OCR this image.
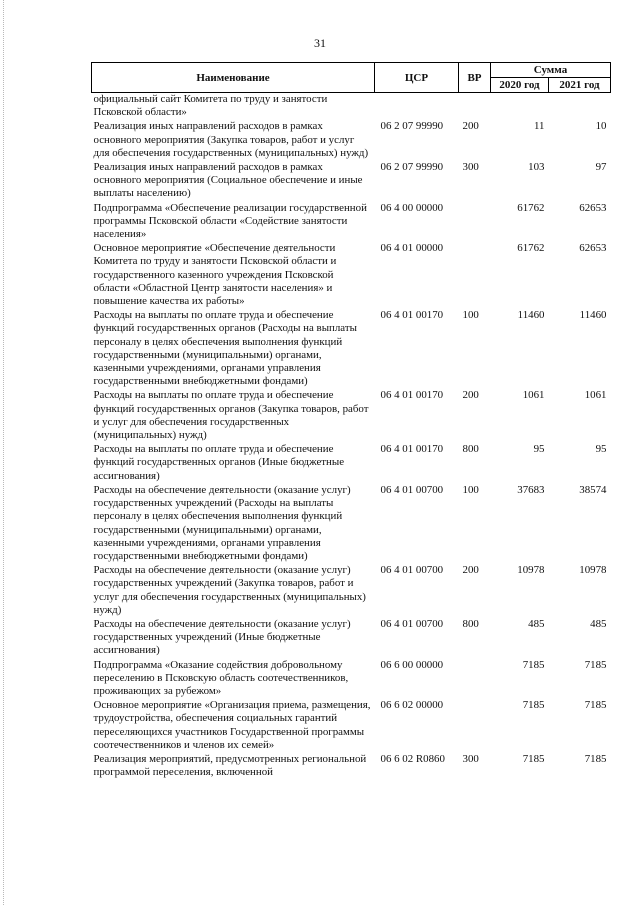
31
Наименование	ЦСР	ВР	Сумма	
			2020 год	2021 год
официальный сайт Комитета по труду и занятости Псковской области»				
Реализация иных направлений расходов в рамках основного мероприятия (Закупка товаров, работ и услуг для обеспечения государственных (муниципальных) нужд)	06 2 07 99990	200	11	10
Реализация иных направлений расходов в рамках основного мероприятия (Социальное обеспечение и иные выплаты населению)	06 2 07 99990	300	103	97
Подпрограмма «Обеспечение реализации государственной программы Псковской области «Содействие занятости населения»	06 4 00 00000		61762	62653
Основное мероприятие «Обеспечение деятельности Комитета по труду и занятости Псковской области и государственного казенного учреждения Псковской области «Областной Центр занятости населения» и повышение качества их работы»	06 4 01 00000		61762	62653
Расходы на выплаты по оплате труда и обеспечение функций государственных органов (Расходы на выплаты персоналу в целях обеспечения выполнения функций государственными (муниципальными) органами, казенными учреждениями, органами управления государственными внебюджетными фондами)	06 4 01 00170	100	11460	11460
Расходы на выплаты по оплате труда и обеспечение функций государственных органов (Закупка товаров, работ и услуг для обеспечения государственных (муниципальных) нужд)	06 4 01 00170	200	1061	1061
Расходы на выплаты по оплате труда и обеспечение функций государственных органов (Иные бюджетные ассигнования)	06 4 01 00170	800	95	95
Расходы на обеспечение деятельности (оказание услуг) государственных учреждений (Расходы на выплаты персоналу в целях обеспечения выполнения функций государственными (муниципальными) органами, казенными учреждениями, органами управления государственными внебюджетными фондами)	06 4 01 00700	100	37683	38574
Расходы на обеспечение деятельности (оказание услуг) государственных учреждений (Закупка товаров, работ и услуг для обеспечения государственных (муниципальных) нужд)	06 4 01 00700	200	10978	10978
Расходы на обеспечение деятельности (оказание услуг) государственных учреждений (Иные бюджетные ассигнования)	06 4 01 00700	800	485	485
Подпрограмма «Оказание содействия добровольному переселению в Псковскую область соотечественников, проживающих за рубежом»	06 6 00 00000		7185	7185
Основное мероприятие «Организация приема, размещения, трудоустройства, обеспечения социальных гарантий переселяющихся участников Государственной программы соотечественников и членов их семей»	06 6 02 00000		7185	7185
Реализация мероприятий, предусмотренных региональной программой переселения, включенной	06 6 02 R0860	300	7185	7185
